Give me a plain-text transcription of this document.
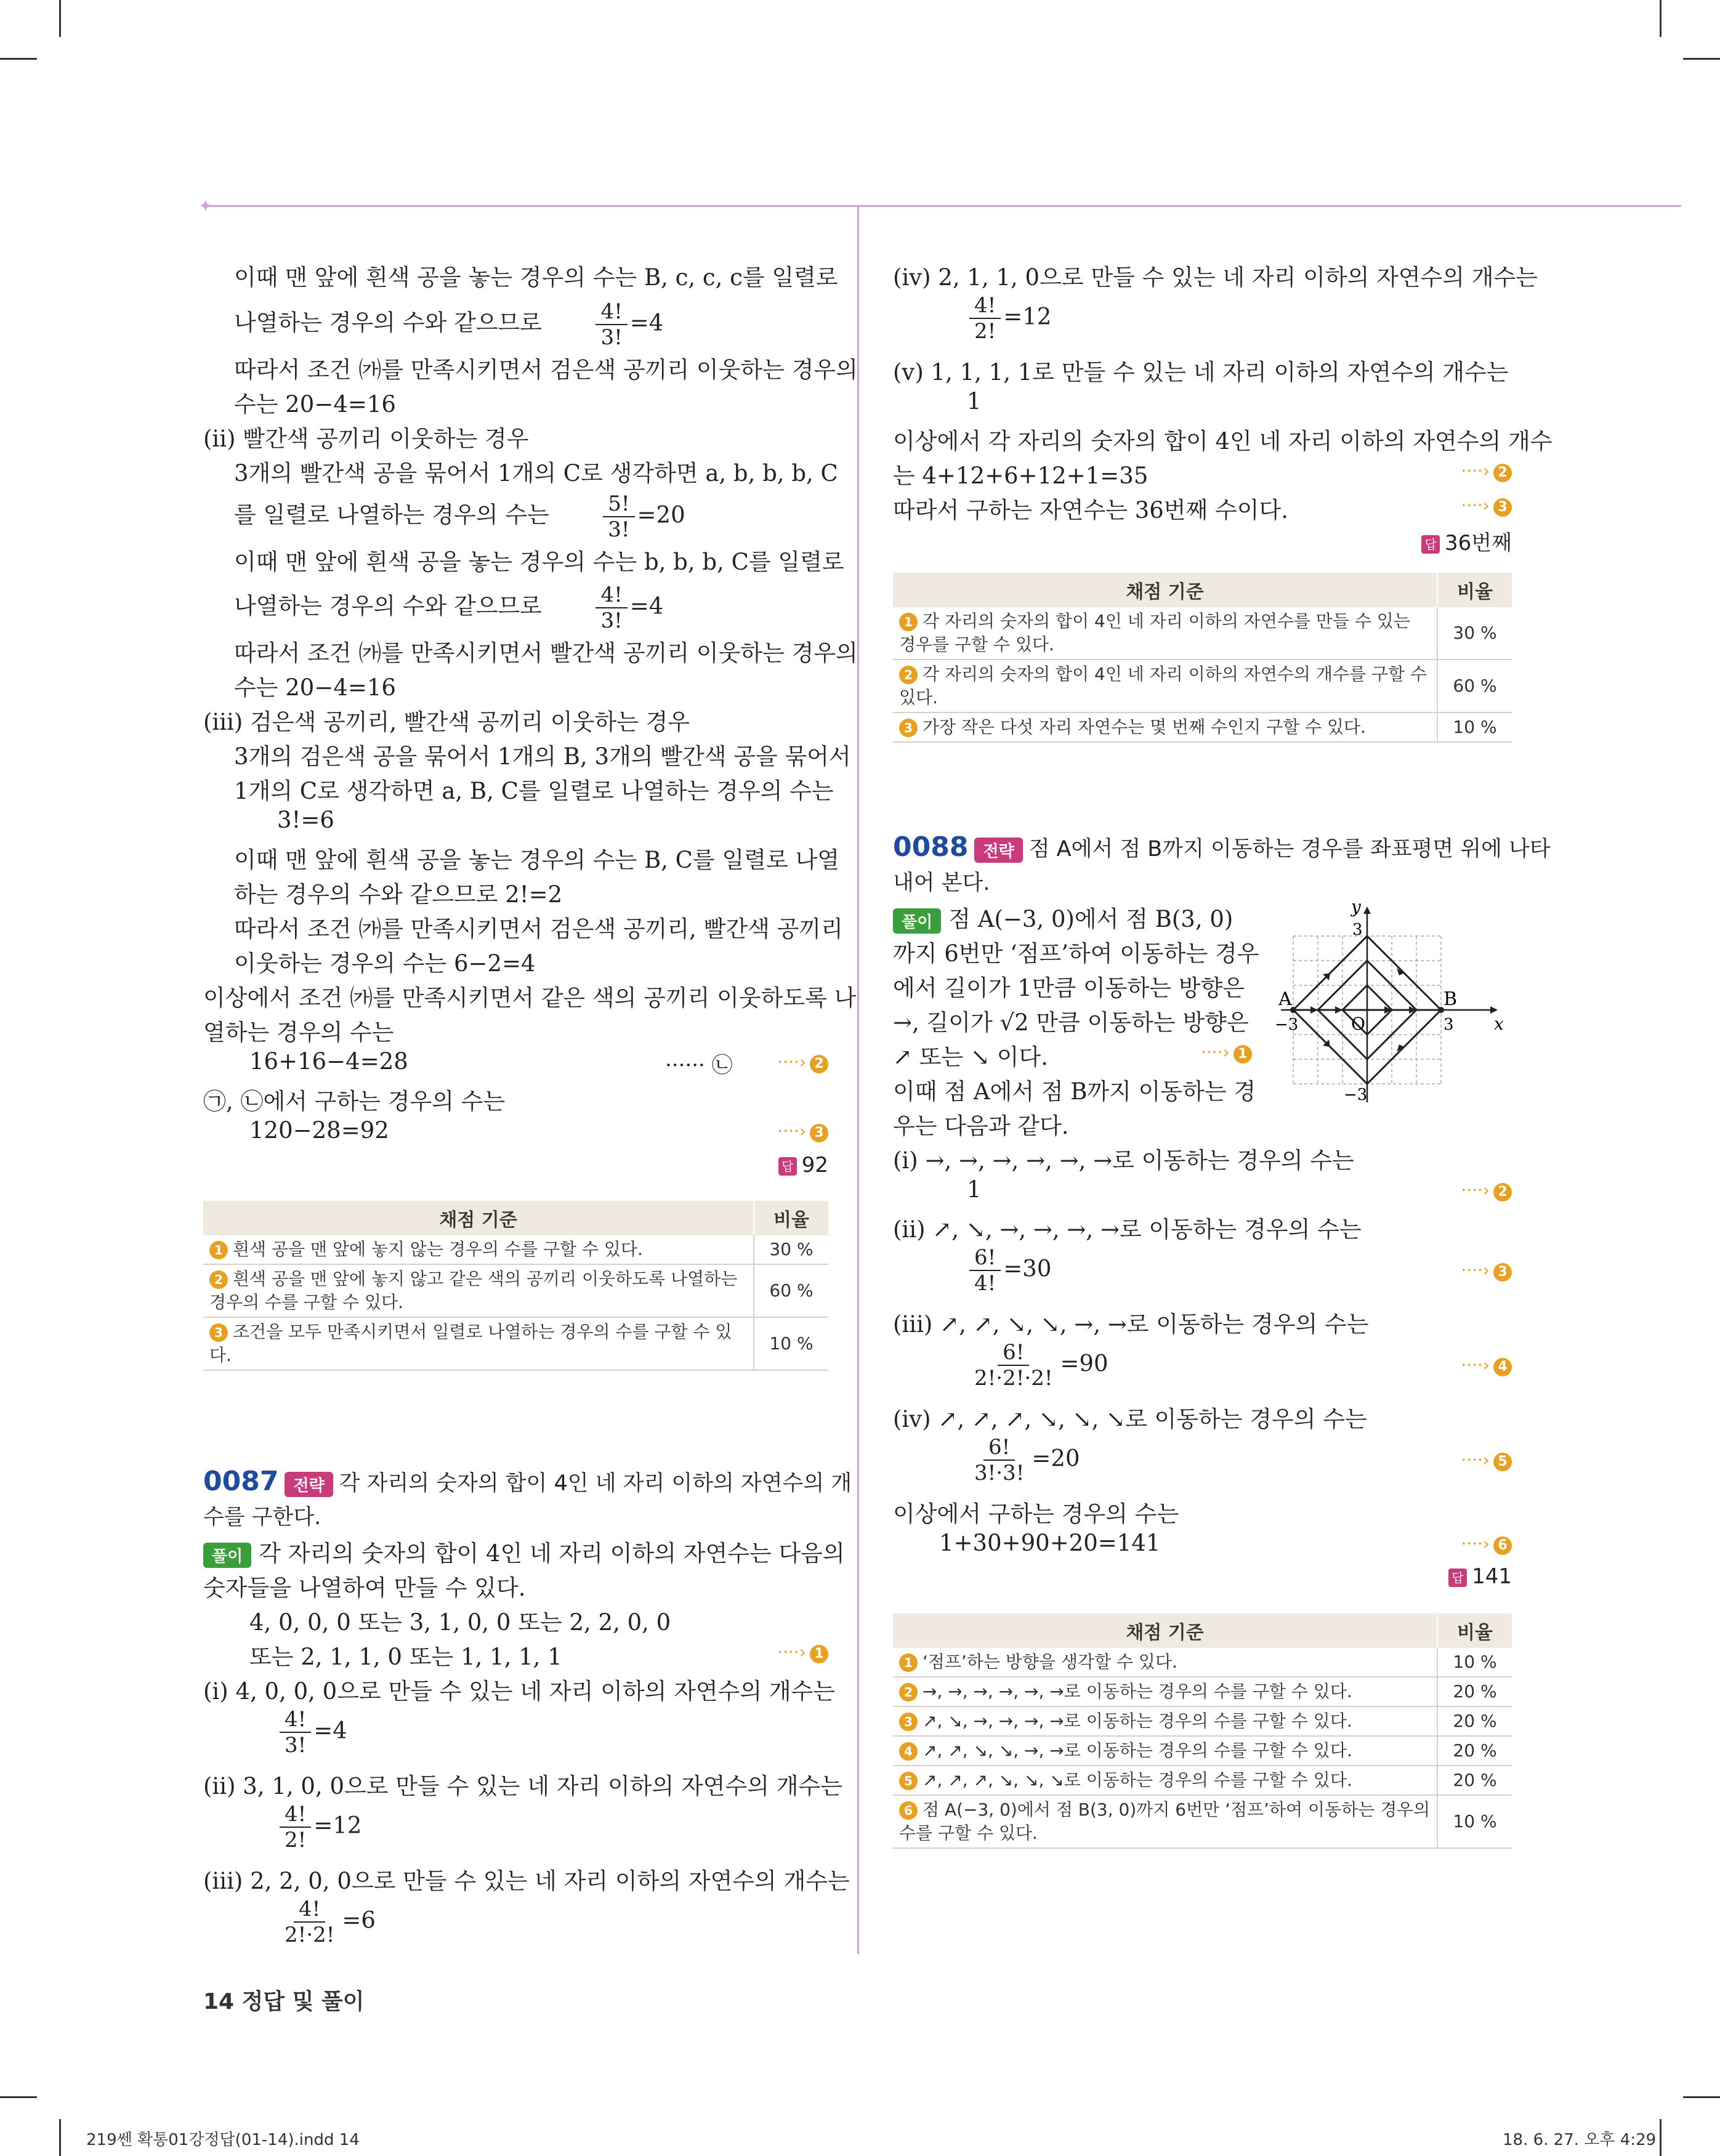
✦
이때 맨 앞에 흰색 공을 놓는 경우의 수는 B, c, c, c를 일렬로
나열하는 경우의 수와 같으므로	$\frac{4!}{3!} =4$
따라서 조건 ㈎를 만족시키면서 검은색 공끼리 이웃하는 경우의
수는 20−4=16
(ii) 빨간색 공끼리 이웃하는 경우
3개의 빨간색 공을 묶어서 1개의 C로 생각하면 a, b, b, b, C
를 일렬로 나열하는 경우의 수는	$\frac{5!}{3!} =20$
이때 맨 앞에 흰색 공을 놓는 경우의 수는 b, b, b, C를 일렬로
나열하는 경우의 수와 같으므로	$\frac{4!}{3!} =4$
따라서 조건 ㈎를 만족시키면서 빨간색 공끼리 이웃하는 경우의
수는 20−4=16
(iii) 검은색 공끼리, 빨간색 공끼리 이웃하는 경우
3개의 검은색 공을 묶어서 1개의 B, 3개의 빨간색 공을 묶어서
1개의 C로 생각하면 a, B, C를 일렬로 나열하는 경우의 수는
3!=6
이때 맨 앞에 흰색 공을 놓는 경우의 수는 B, C를 일렬로 나열
하는 경우의 수와 같으므로 2!=2
따라서 조건 ㈎를 만족시키면서 검은색 공끼리, 빨간색 공끼리
이웃하는 경우의 수는 6−2=4
이상에서 조건 ㈎를 만족시키면서 같은 색의 공끼리 이웃하도록 나
열하는 경우의 수는
16+16−4=28	······ ㉡	····› 2
㉠, ㉡에서 구하는 경우의 수는
120−28=92	····› 3
답 92
채점 기준	비율
1 흰색 공을 맨 앞에 놓지 않는 경우의 수를 구할 수 있다.	30 %
2 흰색 공을 맨 앞에 놓지 않고 같은 색의 공끼리 이웃하도록 나열하는 경우의 수를 구할 수 있다.	60 %
3 조건을 모두 만족시키면서 일렬로 나열하는 경우의 수를 구할 수 있다.	10 %
0087 전략 각 자리의 숫자의 합이 4인 네 자리 이하의 자연수의 개
수를 구한다.
풀이 각 자리의 숫자의 합이 4인 네 자리 이하의 자연수는 다음의
숫자들을 나열하여 만들 수 있다.
4, 0, 0, 0 또는 3, 1, 0, 0 또는 2, 2, 0, 0
또는 2, 1, 1, 0 또는 1, 1, 1, 1	····› 1
(i) 4, 0, 0, 0으로 만들 수 있는 네 자리 이하의 자연수의 개수는
$\frac{4!}{3!} =4$
(ii) 3, 1, 0, 0으로 만들 수 있는 네 자리 이하의 자연수의 개수는
$\frac{4!}{2!} =12$
(iii) 2, 2, 0, 0으로 만들 수 있는 네 자리 이하의 자연수의 개수는
$\frac{4!}{2!\cdot 2!} =6$
14 정답 및 풀이
(iv) 2, 1, 1, 0으로 만들 수 있는 네 자리 이하의 자연수의 개수는
$\frac{4!}{2!} =12$
(v) 1, 1, 1, 1로 만들 수 있는 네 자리 이하의 자연수의 개수는
1
이상에서 각 자리의 숫자의 합이 4인 네 자리 이하의 자연수의 개수
는 4+12+6+12+1=35	····› 2
따라서 구하는 자연수는 36번째 수이다.	····› 3
답 36번째
채점 기준	비율
1 각 자리의 숫자의 합이 4인 네 자리 이하의 자연수를 만들 수 있는 경우를 구할 수 있다.	30 %
2 각 자리의 숫자의 합이 4인 네 자리 이하의 자연수의 개수를 구할 수 있다.	60 %
3 가장 작은 다섯 자리 자연수는 몇 번째 수인지 구할 수 있다.	10 %
0088 전략 점 A에서 점 B까지 이동하는 경우를 좌표평면 위에 나타
내어 본다.
풀이 점 A(−3, 0)에서 점 B(3, 0)
까지 6번만 ‘점프’하여 이동하는 경우
에서 길이가 1만큼 이동하는 방향은
→, 길이가 √2 만큼 이동하는 방향은
↗ 또는 ↘ 이다.	····› 1
이때 점 A에서 점 B까지 이동하는 경
우는 다음과 같다.
A	B
−3	3
O
3
−3
x
y
(i) →, →, →, →, →, →로 이동하는 경우의 수는
1	····› 2
(ii) ↗, ↘, →, →, →, →로 이동하는 경우의 수는
$\frac{6!}{4!} =30$	····› 3
(iii) ↗, ↗, ↘, ↘, →, →로 이동하는 경우의 수는
$\frac{6!}{2!\cdot 2!\cdot 2!} =90$	····› 4
(iv) ↗, ↗, ↗, ↘, ↘, ↘로 이동하는 경우의 수는
$\frac{6!}{3!\cdot 3!} =20$	····› 5
이상에서 구하는 경우의 수는
1+30+90+20=141	····› 6
답 141
채점 기준	비율
1 ‘점프’하는 방향을 생각할 수 있다.	10 %
2 →, →, →, →, →, →로 이동하는 경우의 수를 구할 수 있다.	20 %
3 ↗, ↘, →, →, →, →로 이동하는 경우의 수를 구할 수 있다.	20 %
4 ↗, ↗, ↘, ↘, →, →로 이동하는 경우의 수를 구할 수 있다.	20 %
5 ↗, ↗, ↗, ↘, ↘, ↘로 이동하는 경우의 수를 구할 수 있다.	20 %
6 점 A(−3, 0)에서 점 B(3, 0)까지 6번만 ‘점프’하여 이동하는 경우의 수를 구할 수 있다.	10 %
219쎈 확통01강정답(01-14).indd 14	18. 6. 27. 오후 4:29
